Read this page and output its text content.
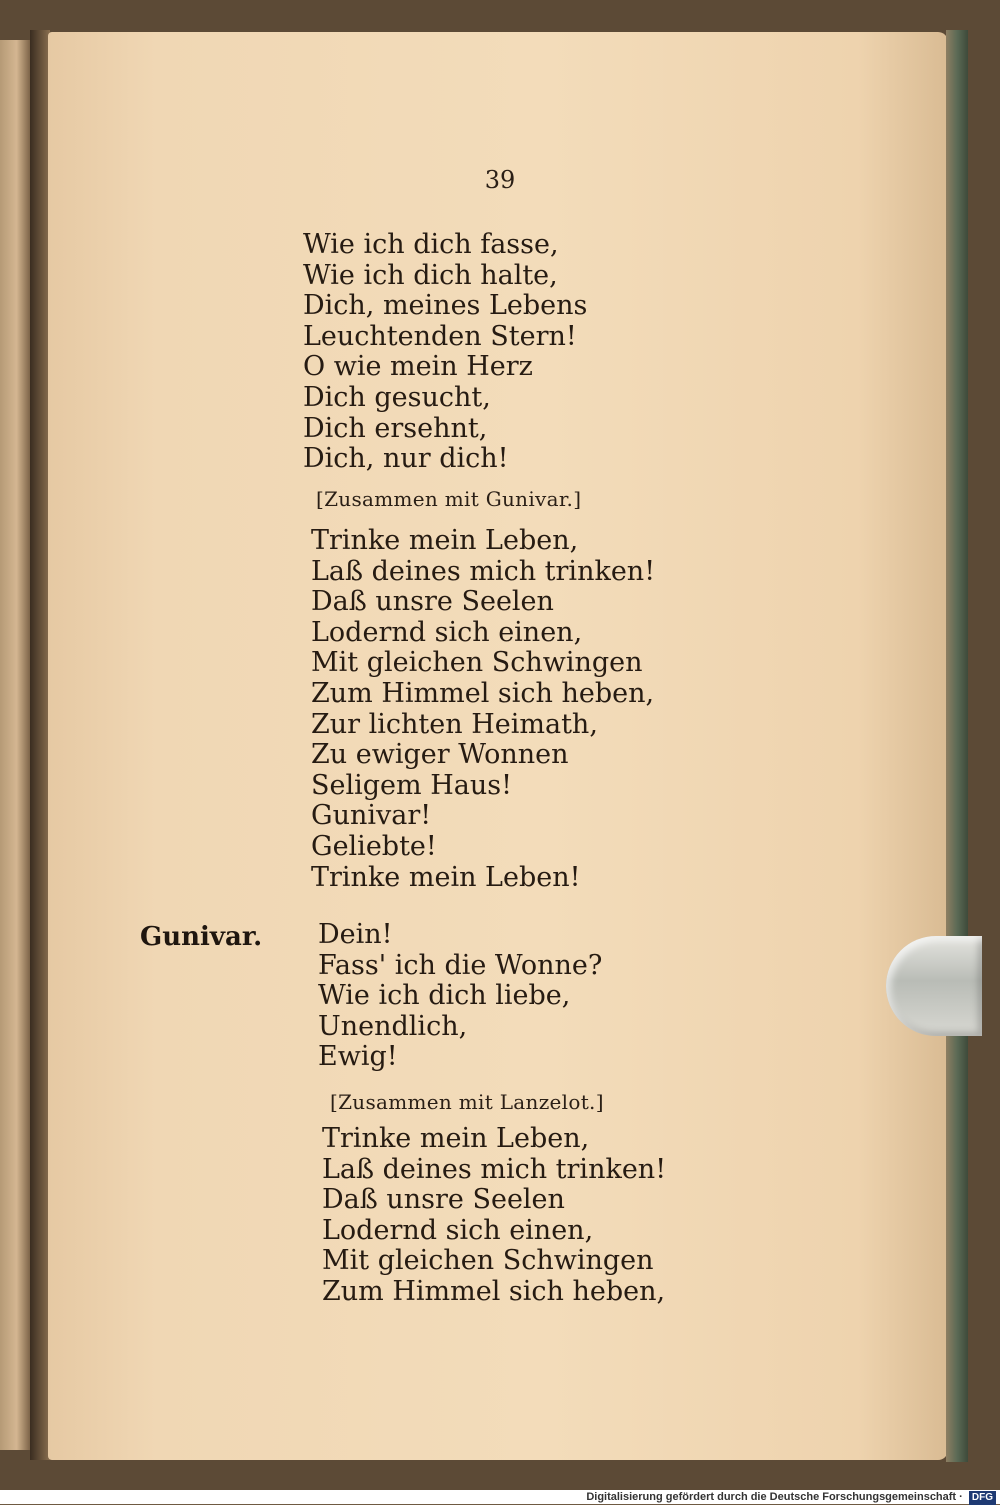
39
Wie ich dich fasse,
Wie ich dich halte,
Dich, meines Lebens
Leuchtenden Stern!
O wie mein Herz
Dich gesucht,
Dich ersehnt,
Dich, nur dich!
[Zusammen mit Gunivar.]
Trinke mein Leben,
Laß deines mich trinken!
Daß unsre Seelen
Lodernd sich einen,
Mit gleichen Schwingen
Zum Himmel sich heben,
Zur lichten Heimath,
Zu ewiger Wonnen
Seligem Haus!
Gunivar!
Geliebte!
Trinke mein Leben!
Gunivar. Dein!
Fass' ich die Wonne?
Wie ich dich liebe,
Unendlich,
Ewig!
[Zusammen mit Lanzelot.]
Trinke mein Leben,
Laß deines mich trinken!
Daß unsre Seelen
Lodernd sich einen,
Mit gleichen Schwingen
Zum Himmel sich heben,
Digitalisierung gefördert durch die Deutsche Forschungsgemeinschaft · DFG
